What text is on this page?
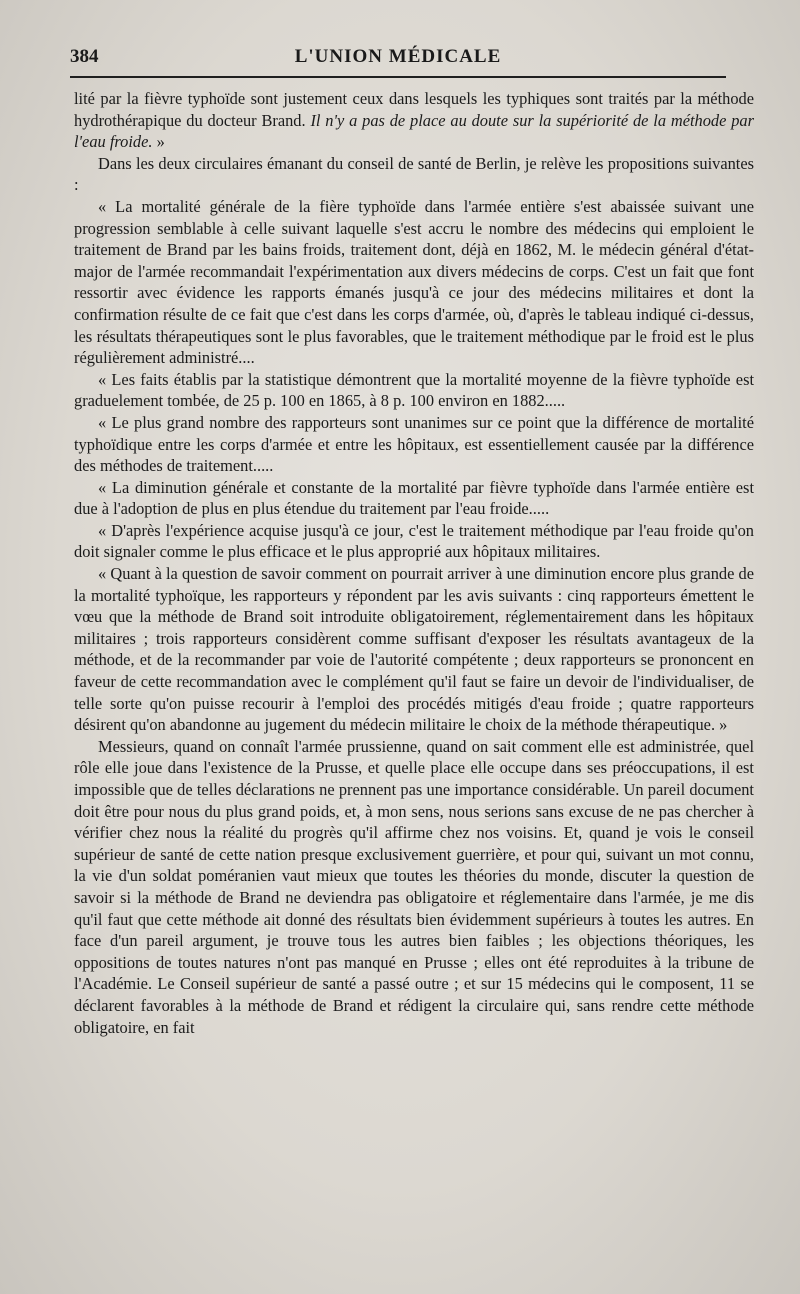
384	L'UNION MÉDICALE

lité par la fièvre typhoïde sont justement ceux dans lesquels les typhiques sont traités par la méthode hydrothérapique du docteur Brand. Il n'y a pas de place au doute sur la supériorité de la méthode par l'eau froide. »

Dans les deux circulaires émanant du conseil de santé de Berlin, je relève les propositions suivantes :

« La mortalité générale de la fière typhoïde dans l'armée entière s'est abaissée suivant une progression semblable à celle suivant laquelle s'est accru le nombre des médecins qui emploient le traitement de Brand par les bains froids, traitement dont, déjà en 1862, M. le médecin général d'état-major de l'armée recommandait l'expérimentation aux divers médecins de corps. C'est un fait que font ressortir avec évidence les rapports émanés jusqu'à ce jour des médecins militaires et dont la confirmation résulte de ce fait que c'est dans les corps d'armée, où, d'après le tableau indiqué ci-dessus, les résultats thérapeutiques sont le plus favorables, que le traitement méthodique par le froid est le plus régulièrement administré....

« Les faits établis par la statistique démontrent que la mortalité moyenne de la fièvre typhoïde est graduelement tombée, de 25 p. 100 en 1865, à 8 p. 100 environ en 1882.....

« Le plus grand nombre des rapporteurs sont unanimes sur ce point que la différence de mortalité typhoïdique entre les corps d'armée et entre les hôpitaux, est essentiellement causée par la différence des méthodes de traitement.....

« La diminution générale et constante de la mortalité par fièvre typhoïde dans l'armée entière est due à l'adoption de plus en plus étendue du traitement par l'eau froide.....

« D'après l'expérience acquise jusqu'à ce jour, c'est le traitement méthodique par l'eau froide qu'on doit signaler comme le plus efficace et le plus approprié aux hôpitaux militaires.

« Quant à la question de savoir comment on pourrait arriver à une diminution encore plus grande de la mortalité typhoïque, les rapporteurs y répondent par les avis suivants : cinq rapporteurs émettent le vœu que la méthode de Brand soit introduite obligatoirement, réglementairement dans les hôpitaux militaires ; trois rapporteurs considèrent comme suffisant d'exposer les résultats avantageux de la méthode, et de la recommander par voie de l'autorité compétente ; deux rapporteurs se prononcent en faveur de cette recommandation avec le complément qu'il faut se faire un devoir de l'individualiser, de telle sorte qu'on puisse recourir à l'emploi des procédés mitigés d'eau froide ; quatre rapporteurs désirent qu'on abandonne au jugement du médecin militaire le choix de la méthode thérapeutique. »

Messieurs, quand on connaît l'armée prussienne, quand on sait comment elle est administrée, quel rôle elle joue dans l'existence de la Prusse, et quelle place elle occupe dans ses préoccupations, il est impossible que de telles déclarations ne prennent pas une importance considérable. Un pareil document doit être pour nous du plus grand poids, et, à mon sens, nous serions sans excuse de ne pas chercher à vérifier chez nous la réalité du progrès qu'il affirme chez nos voisins. Et, quand je vois le conseil supérieur de santé de cette nation presque exclusivement guerrière, et pour qui, suivant un mot connu, la vie d'un soldat poméranien vaut mieux que toutes les théories du monde, discuter la question de savoir si la méthode de Brand ne deviendra pas obligatoire et réglementaire dans l'armée, je me dis qu'il faut que cette méthode ait donné des résultats bien évidemment supérieurs à toutes les autres. En face d'un pareil argument, je trouve tous les autres bien faibles ; les objections théoriques, les oppositions de toutes natures n'ont pas manqué en Prusse ; elles ont été reproduites à la tribune de l'Académie. Le Conseil supérieur de santé a passé outre ; et sur 15 médecins qui le composent, 11 se déclarent favorables à la méthode de Brand et rédigent la circulaire qui, sans rendre cette méthode obligatoire, en fait
